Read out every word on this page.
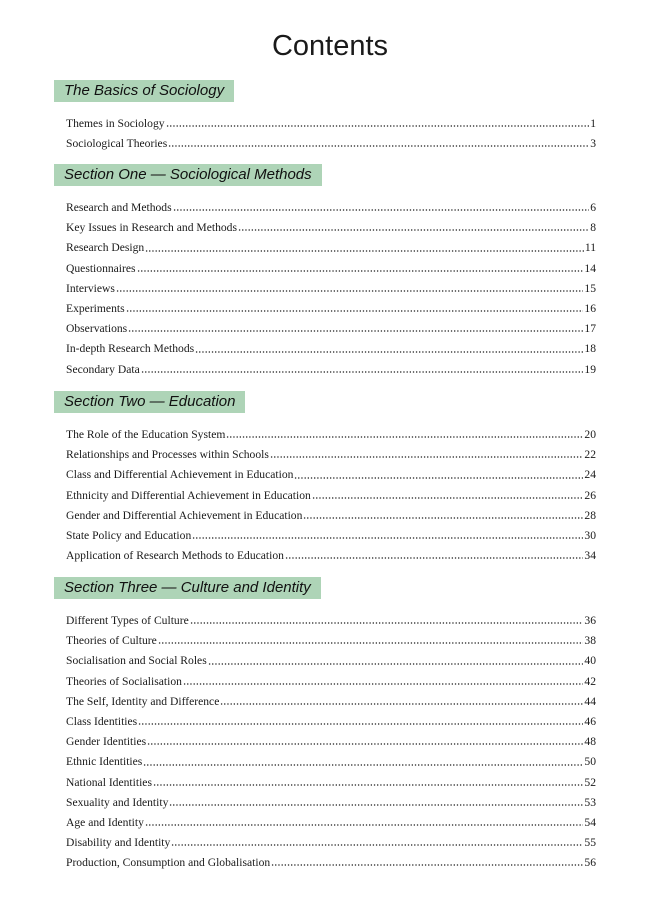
Contents
The Basics of Sociology
Themes in Sociology	1
Sociological Theories	3
Section One — Sociological Methods
Research and Methods	6
Key Issues in Research and Methods	8
Research Design	11
Questionnaires	14
Interviews	15
Experiments	16
Observations	17
In-depth Research Methods	18
Secondary Data	19
Section Two — Education
The Role of the Education System	20
Relationships and Processes within Schools	22
Class and Differential Achievement in Education	24
Ethnicity and Differential Achievement in Education	26
Gender and Differential Achievement in Education	28
State Policy and Education	30
Application of Research Methods to Education	34
Section Three — Culture and Identity
Different Types of Culture	36
Theories of Culture	38
Socialisation and Social Roles	40
Theories of Socialisation	42
The Self, Identity and Difference	44
Class Identities	46
Gender Identities	48
Ethnic Identities	50
National Identities	52
Sexuality and Identity	53
Age and Identity	54
Disability and Identity	55
Production, Consumption and Globalisation	56
